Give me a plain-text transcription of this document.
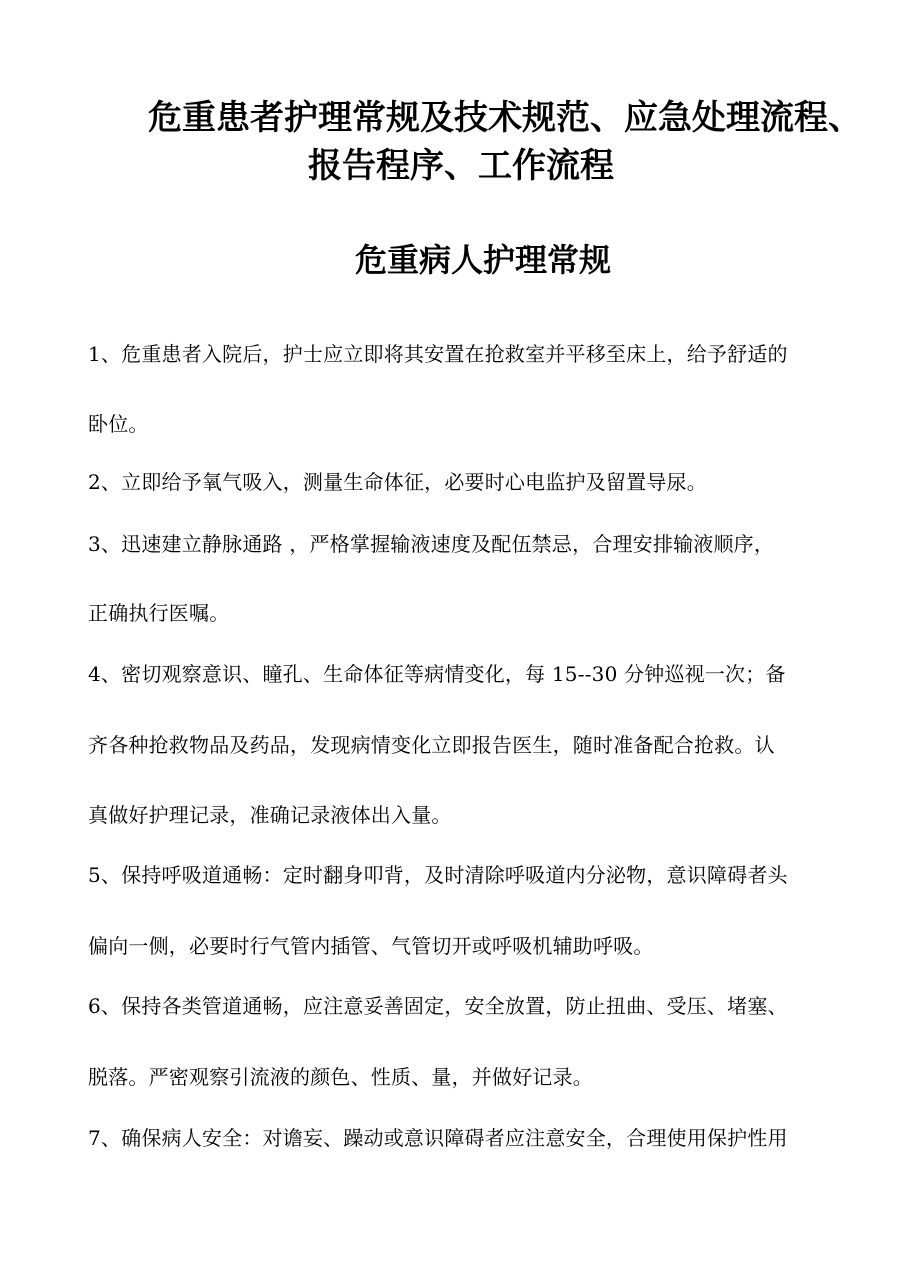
危重患者护理常规及技术规范、应急处理流程、
报告程序、工作流程
危重病人护理常规
1、危重患者入院后，护士应立即将其安置在抢救室并平移至床上，给予舒适的
卧位。
2、立即给予氧气吸入，测量生命体征，必要时心电监护及留置导尿。
3、迅速建立静脉通路 ，严格掌握输液速度及配伍禁忌，合理安排输液顺序，
正确执行医嘱。
4、密切观察意识、瞳孔、生命体征等病情变化，每 15--30 分钟巡视一次；备
齐各种抢救物品及药品，发现病情变化立即报告医生，随时准备配合抢救。认
真做好护理记录，准确记录液体出入量。
5、保持呼吸道通畅：定时翻身叩背，及时清除呼吸道内分泌物，意识障碍者头
偏向一侧，必要时行气管内插管、气管切开或呼吸机辅助呼吸。
6、保持各类管道通畅，应注意妥善固定，安全放置，防止扭曲、受压、堵塞、
脱落。严密观察引流液的颜色、性质、量，并做好记录。
7、确保病人安全：对谵妄、躁动或意识障碍者应注意安全，合理使用保护性用
